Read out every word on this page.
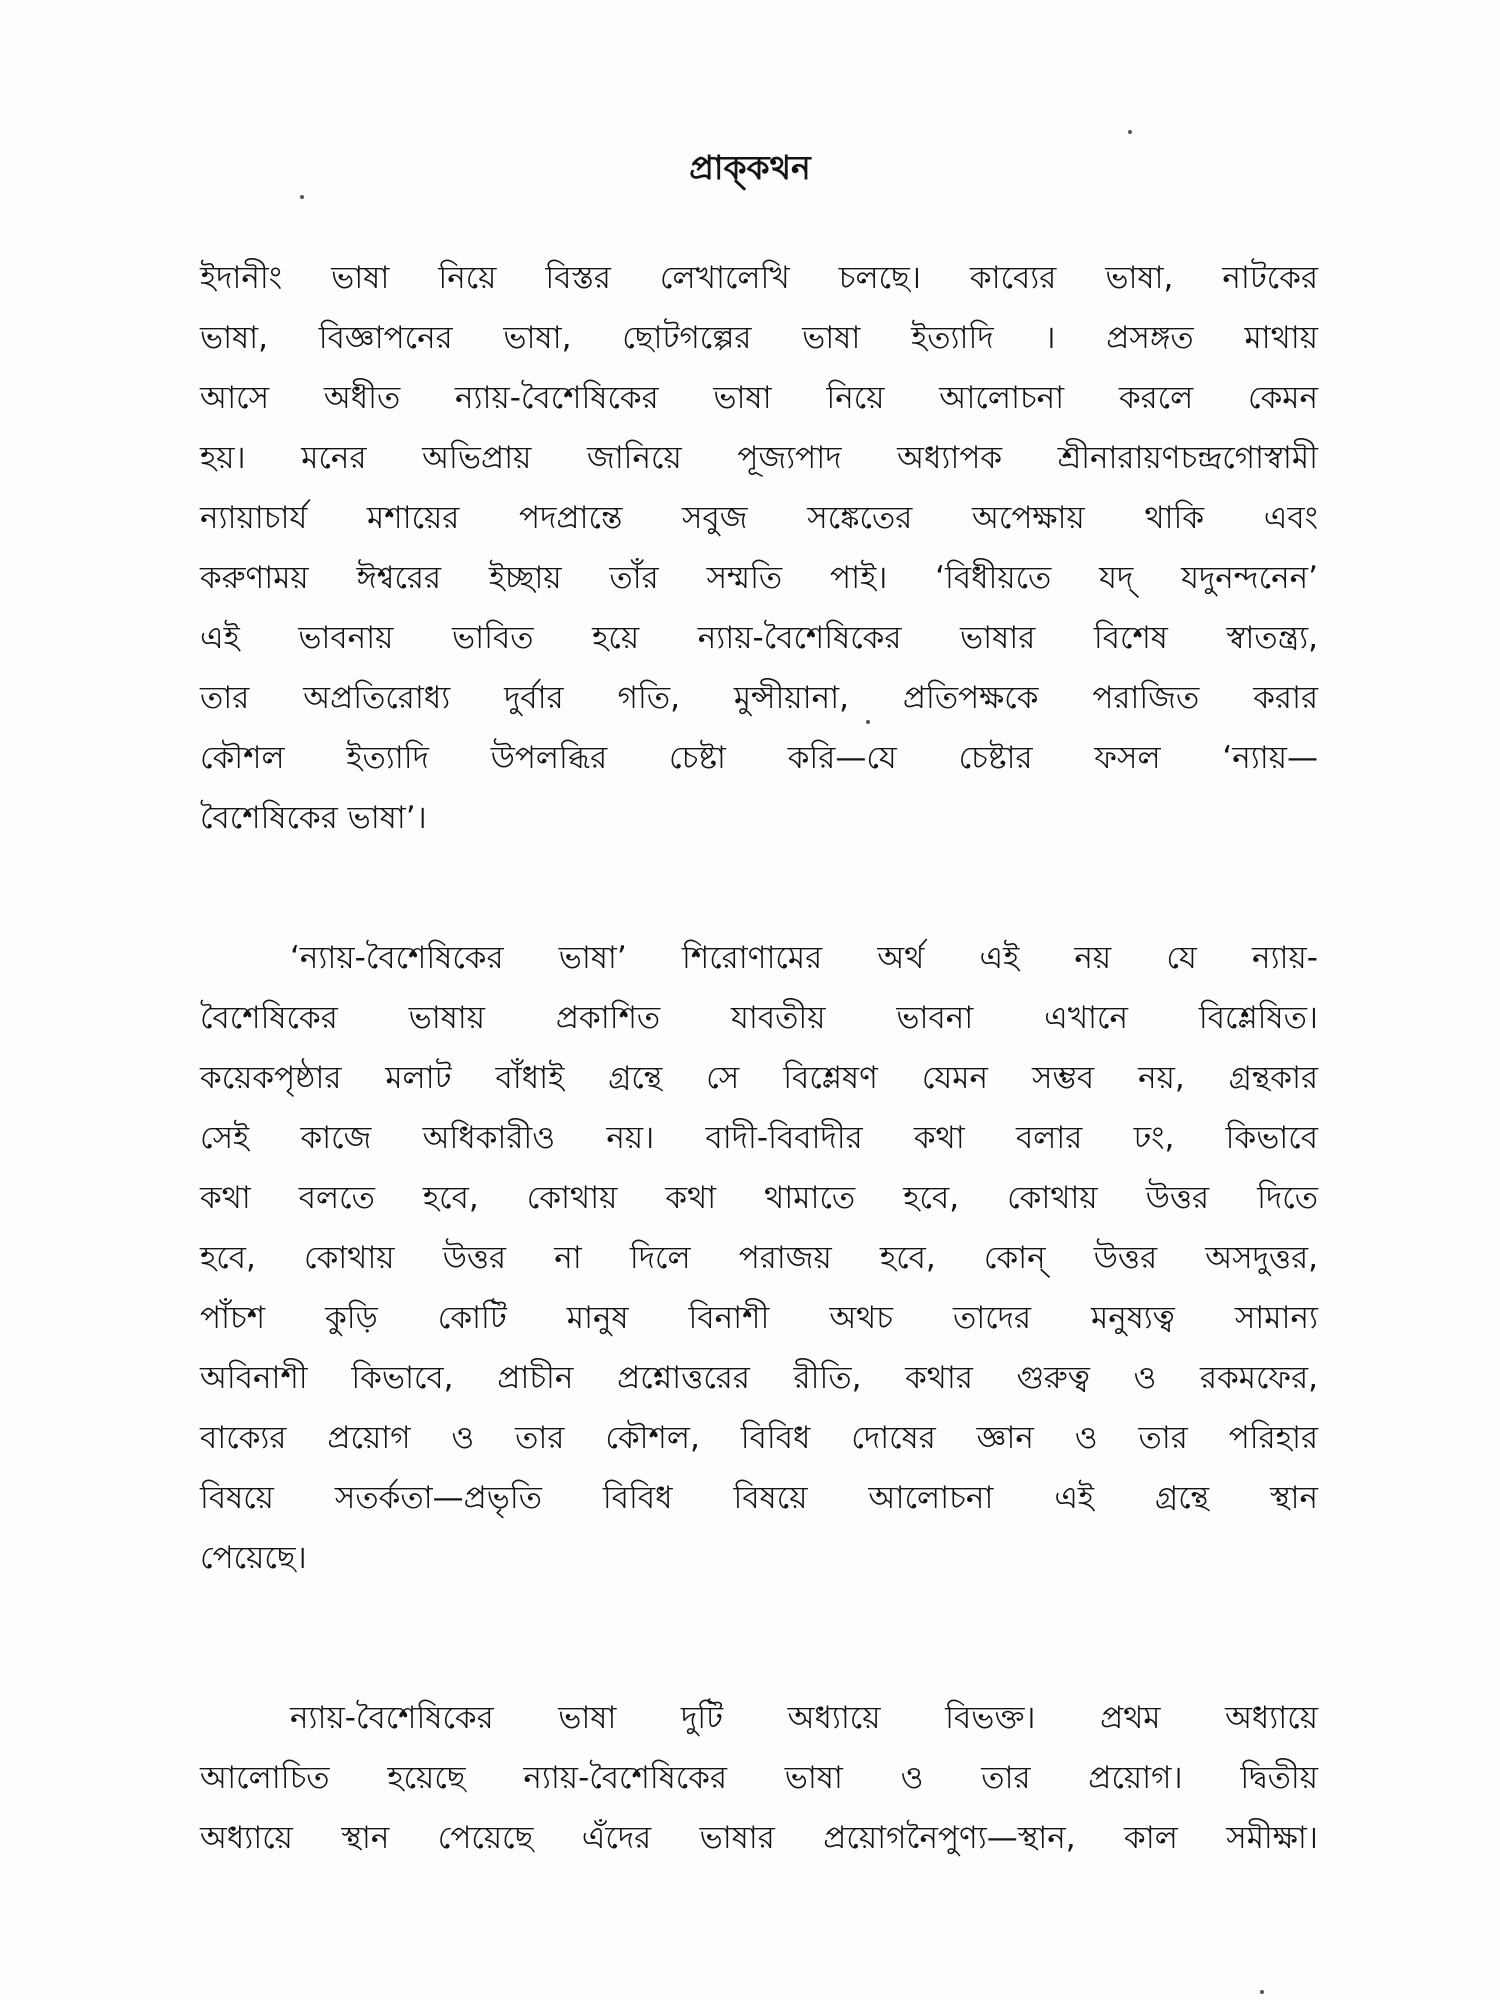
প্রাক্‌কথন
ইদানীং ভাষা নিয়ে বিস্তর লেখালেখি চলছে। কাব্যের ভাষা, নাটকের
ভাষা, বিজ্ঞাপনের ভাষা, ছোটগল্পের ভাষা ইত্যাদি । প্রসঙ্গত মাথায়
আসে অধীত ন্যায়-বৈশেষিকের ভাষা নিয়ে আলোচনা করলে কেমন
হয়। মনের অভিপ্রায় জানিয়ে পূজ্যপাদ অধ্যাপক শ্রীনারায়ণচন্দ্রগোস্বামী
ন্যায়াচার্য মশায়ের পদপ্রান্তে সবুজ সঙ্কেতের অপেক্ষায় থাকি এবং
করুণাময় ঈশ্বরের ইচ্ছায় তাঁর সম্মতি পাই। ‘বিধীয়তে যদ্‌ যদুনন্দনেন’
এই ভাবনায় ভাবিত হয়ে ন্যায়-বৈশেষিকের ভাষার বিশেষ স্বাতন্ত্র্য,
তার অপ্রতিরোধ্য দুর্বার গতি, মুন্সীয়ানা, প্রতিপক্ষকে পরাজিত করার
কৌশল ইত্যাদি উপলব্ধির চেষ্টা করি—যে চেষ্টার ফসল ‘ন্যায়—
বৈশেষিকের ভাষা’।
‘ন্যায়-বৈশেষিকের ভাষা’ শিরোণামের অর্থ এই নয় যে ন্যায়-
বৈশেষিকের ভাষায় প্রকাশিত যাবতীয় ভাবনা এখানে বিশ্লেষিত।
কয়েকপৃষ্ঠার মলাট বাঁধাই গ্রন্থে সে বিশ্লেষণ যেমন সম্ভব নয়, গ্রন্থকার
সেই কাজে অধিকারীও নয়। বাদী-বিবাদীর কথা বলার ঢং, কিভাবে
কথা বলতে হবে, কোথায় কথা থামাতে হবে, কোথায় উত্তর দিতে
হবে, কোথায় উত্তর না দিলে পরাজয় হবে, কোন্‌ উত্তর অসদুত্তর,
পাঁচশ কুড়ি কোটি মানুষ বিনাশী অথচ তাদের মনুষ্যত্ব সামান্য
অবিনাশী কিভাবে, প্রাচীন প্রশ্নোত্তরের রীতি, কথার গুরুত্ব ও রকমফের,
বাক্যের প্রয়োগ ও তার কৌশল, বিবিধ দোষের জ্ঞান ও তার পরিহার
বিষয়ে সতর্কতা—প্রভৃতি বিবিধ বিষয়ে আলোচনা এই গ্রন্থে স্থান
পেয়েছে।
ন্যায়-বৈশেষিকের ভাষা দুটি অধ্যায়ে বিভক্ত। প্রথম অধ্যায়ে
আলোচিত হয়েছে ন্যায়-বৈশেষিকের ভাষা ও তার প্রয়োগ। দ্বিতীয়
অধ্যায়ে স্থান পেয়েছে এঁদের ভাষার প্রয়োগনৈপুণ্য—স্থান, কাল সমীক্ষা।
